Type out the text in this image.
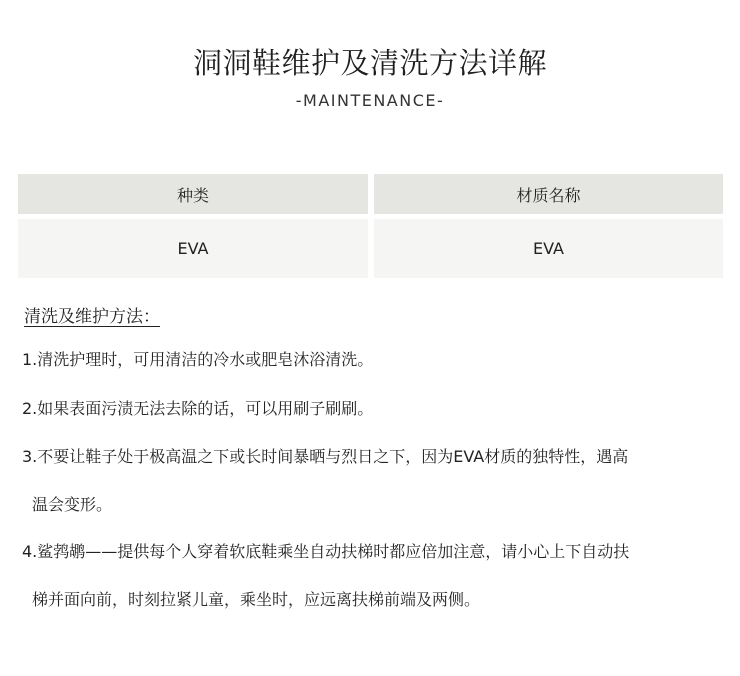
洞洞鞋维护及清洗方法详解
-MAINTENANCE-
种类	材质名称
EVA	EVA
清洗及维护方法：

1.清洗护理时，可用清洁的冷水或肥皂沐浴清洗。

2.如果表面污渍无法去除的话，可以用刷子刷刷。

3.不要让鞋子处于极高温之下或长时间暴晒与烈日之下，因为EVA材质的独特性，遇高
温会变形。

4.鲨鹁鹕——提供每个人穿着软底鞋乘坐自动扶梯时都应倍加注意，请小心上下自动扶
梯并面向前，时刻拉紧儿童，乘坐时，应远离扶梯前端及两侧。
